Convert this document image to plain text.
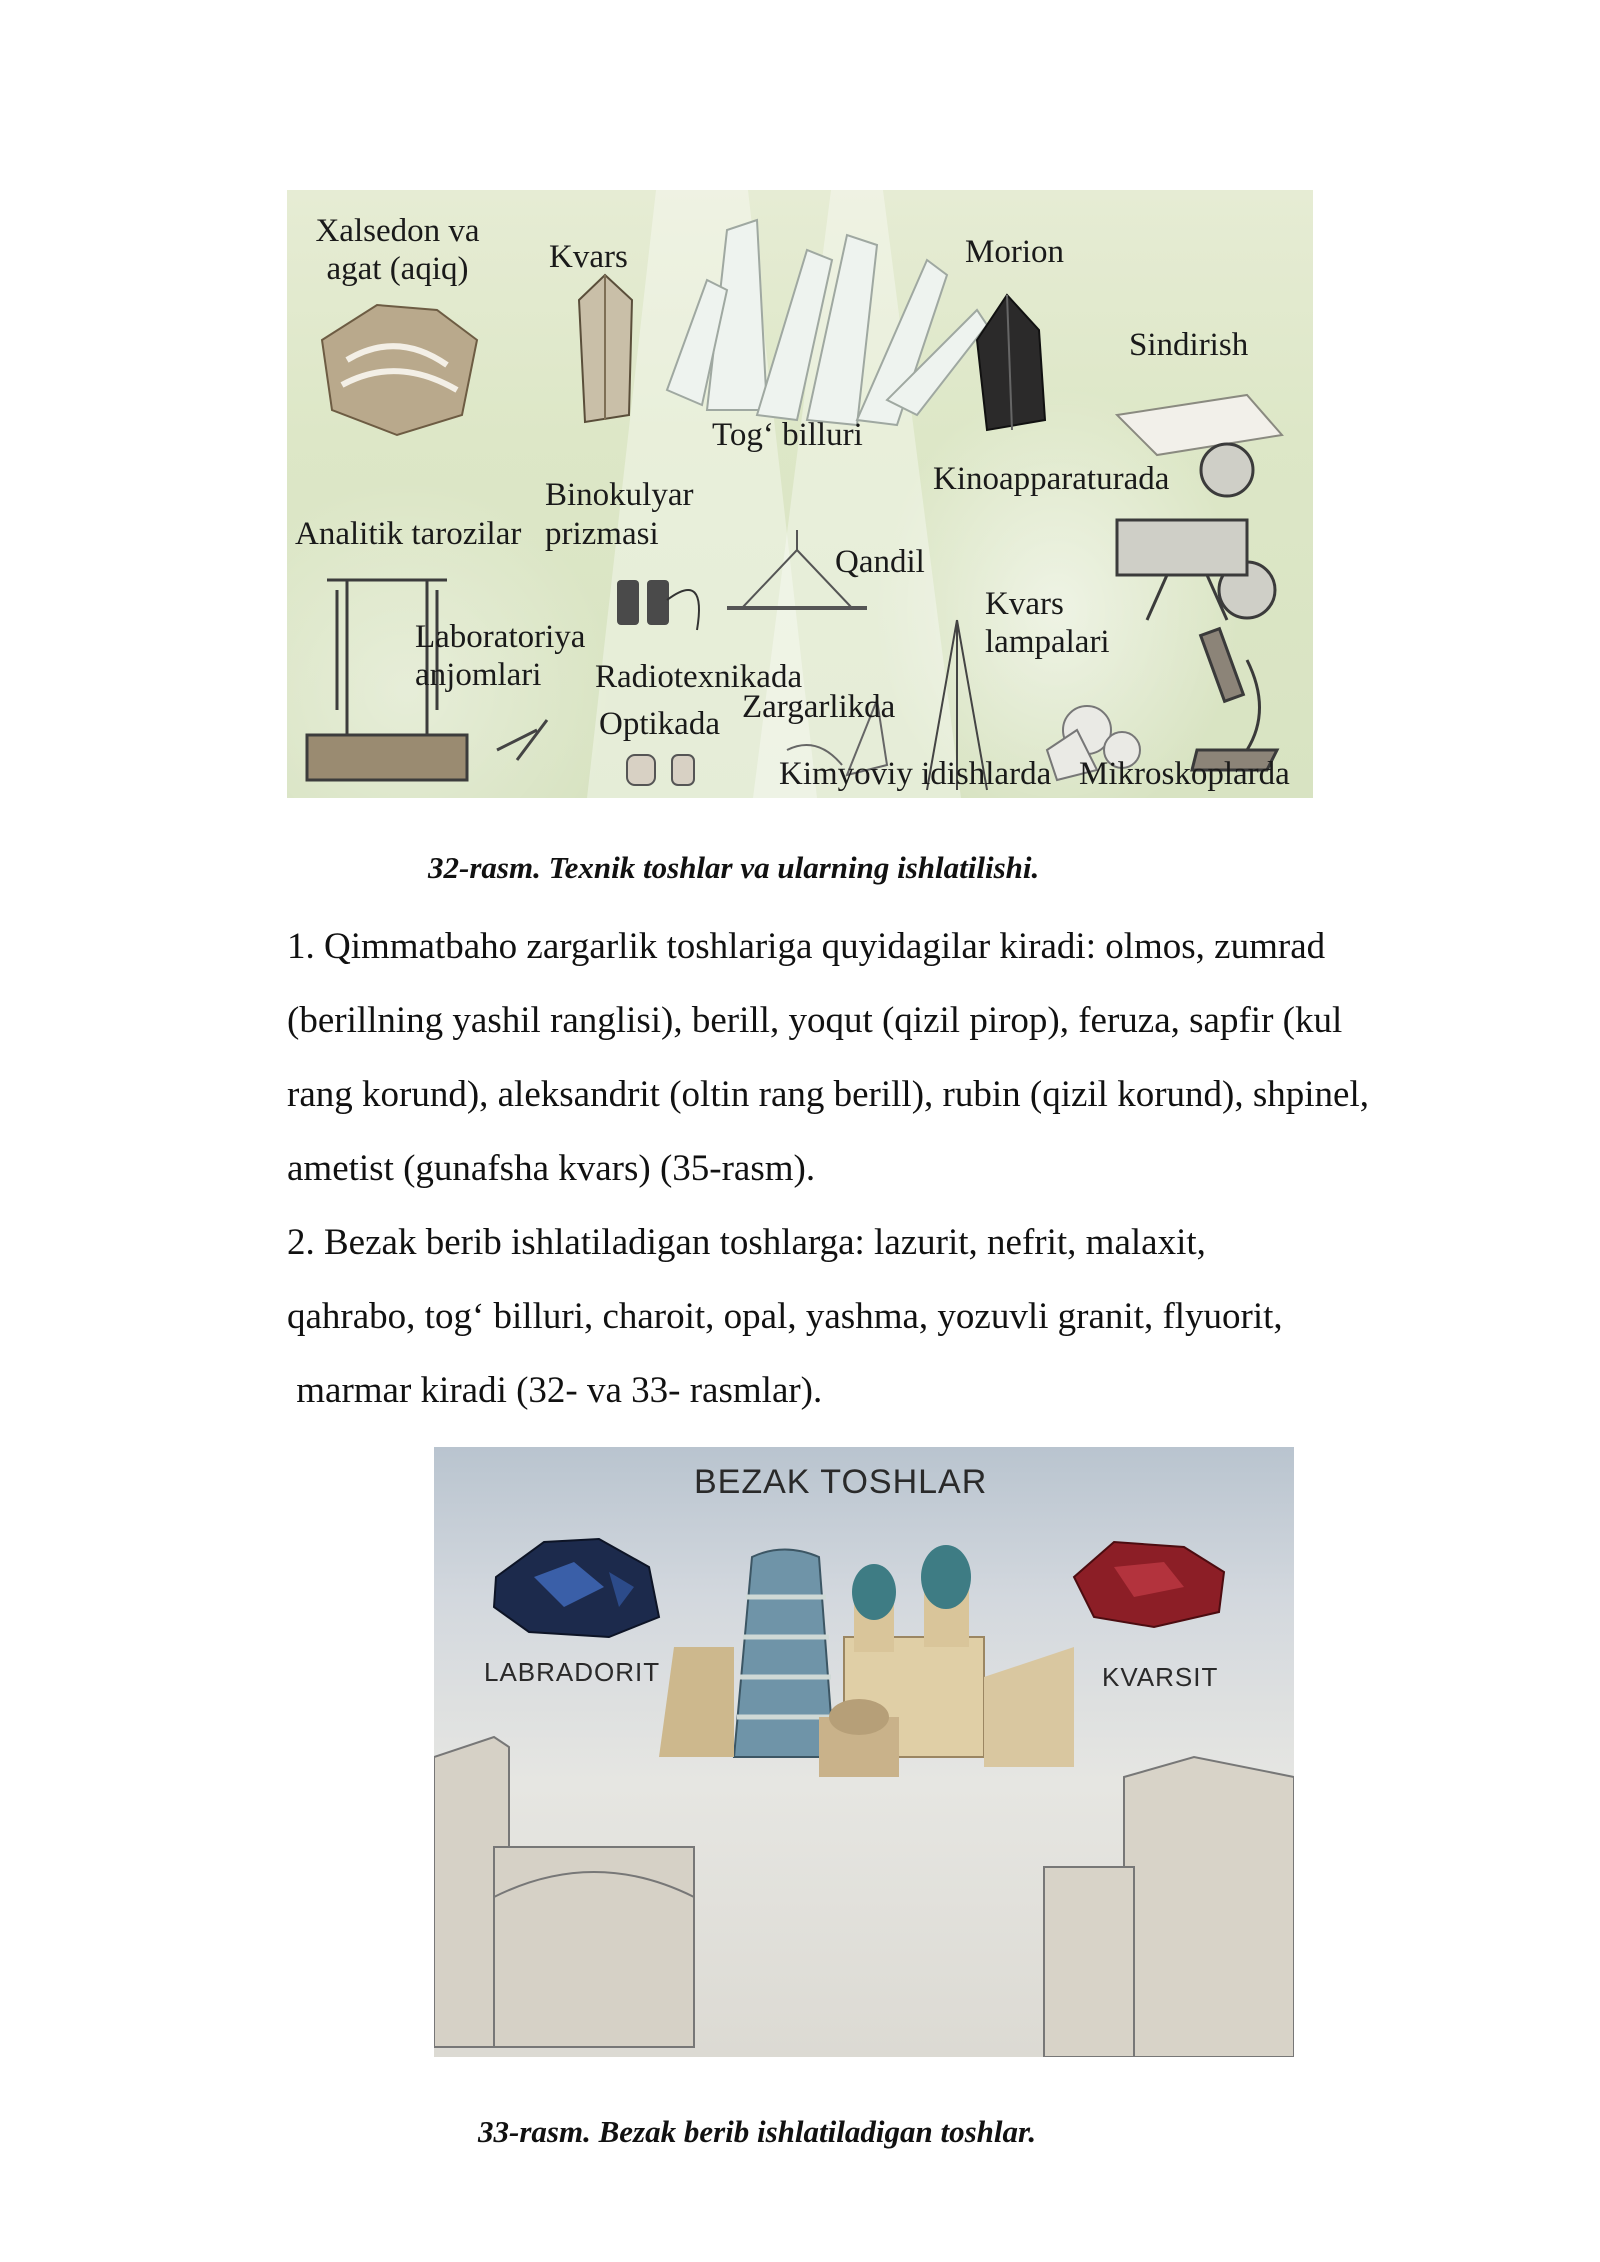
Xalsedon va
agat (aqiq)	Kvars	Morion
Sindirish
Tog‘ billuri
Binokulyar
Analitik tarozilar prizmasi
Kinoapparaturada
Qandil
Laboratoriya
anjomlari
Kvars
lampalari
Radiotexnikada
Zargarlikda
Optikada
Kimyoviy idishlarda Mikroskoplarda
32-rasm. Texnik toshlar va ularning ishlatilishi.

1. Qimmatbaho zargarlik toshlariga quyidagilar kiradi: olmos, zumrad

(berillning yashil ranglisi), berill, yoqut (qizil pirop), feruza, sapfir (kul

rang korund), aleksandrit (oltin rang berill), rubin (qizil korund), shpinel,

ametist (gunafsha kvars) (35-rasm).

2. Bezak berib ishlatiladigan toshlarga: lazurit, nefrit, malaxit,

qahrabo, tog‘ billuri, charoit, opal, yashma, yozuvli granit, flyuorit,

marmar kiradi (32- va 33- rasmlar).

BEZAK TOSHLAR
LABRADORIT	KVARSIT
33-rasm. Bezak berib ishlatiladigan toshlar.
